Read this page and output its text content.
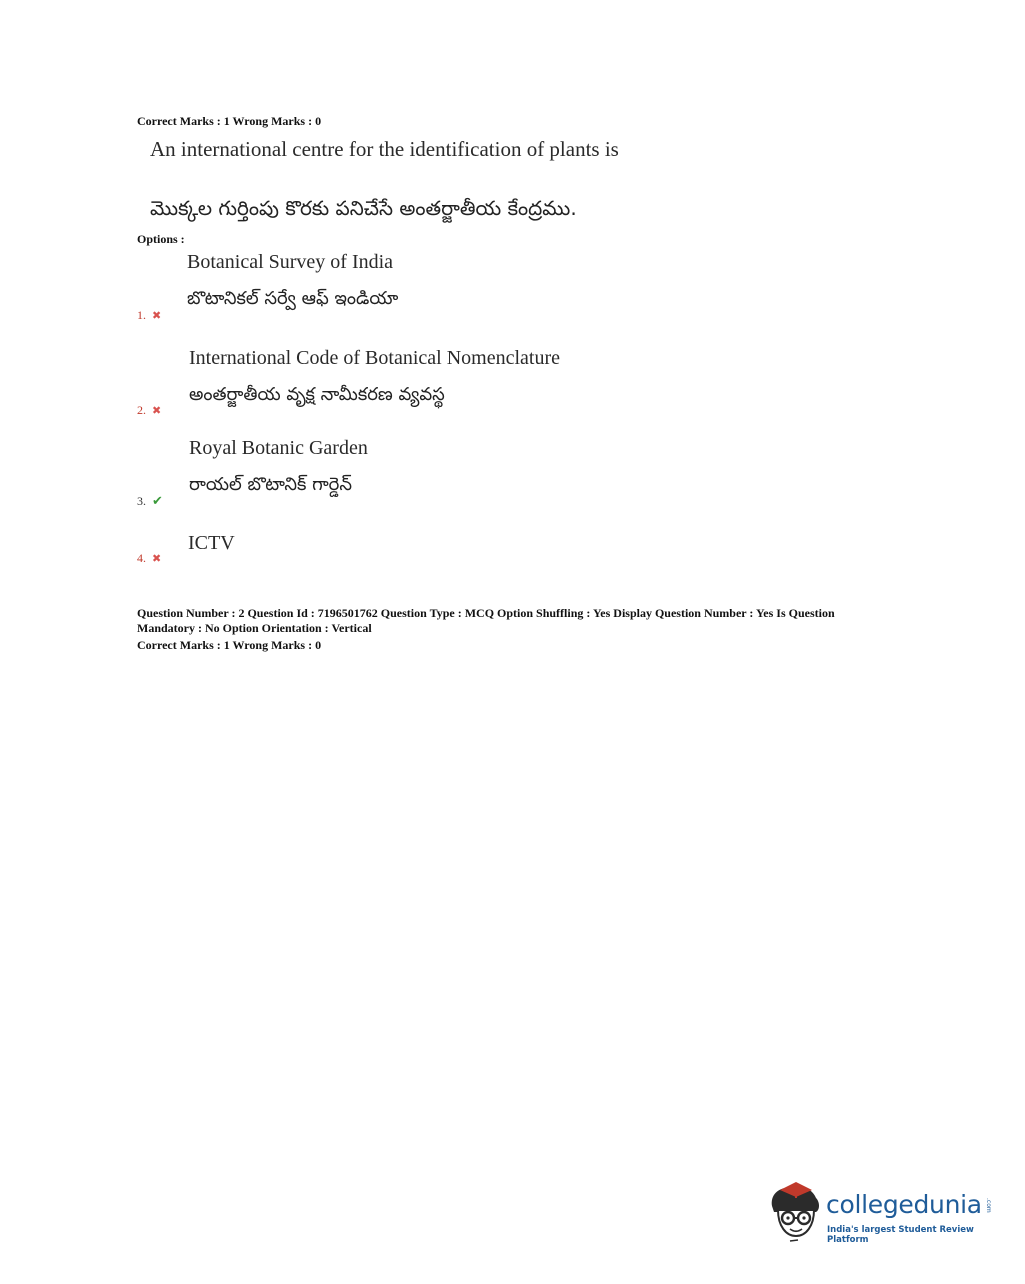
Correct Marks : 1 Wrong Marks : 0
An international centre for the identification of plants is
మొక్కల గుర్తింపు కొరకు పనిచేసే అంతర్జాతీయ కేంద్రము.
Options :
Botanical Survey of India
బొటానికల్ సర్వే ఆఫ్ ఇండియా
1. ✖
International Code of Botanical Nomenclature
అంతర్జాతీయ వృక్ష నామీకరణ వ్యవస్థ
2. ✖
Royal Botanic Garden
రాయల్ బొటానిక్ గార్డెన్
3. ✔
ICTV
4. ✖
Question Number : 2 Question Id : 7196501762 Question Type : MCQ Option Shuffling : Yes Display Question Number : Yes Is Question
Mandatory : No Option Orientation : Vertical
Correct Marks : 1 Wrong Marks : 0
collegedunia .com
India's largest Student Review Platform
